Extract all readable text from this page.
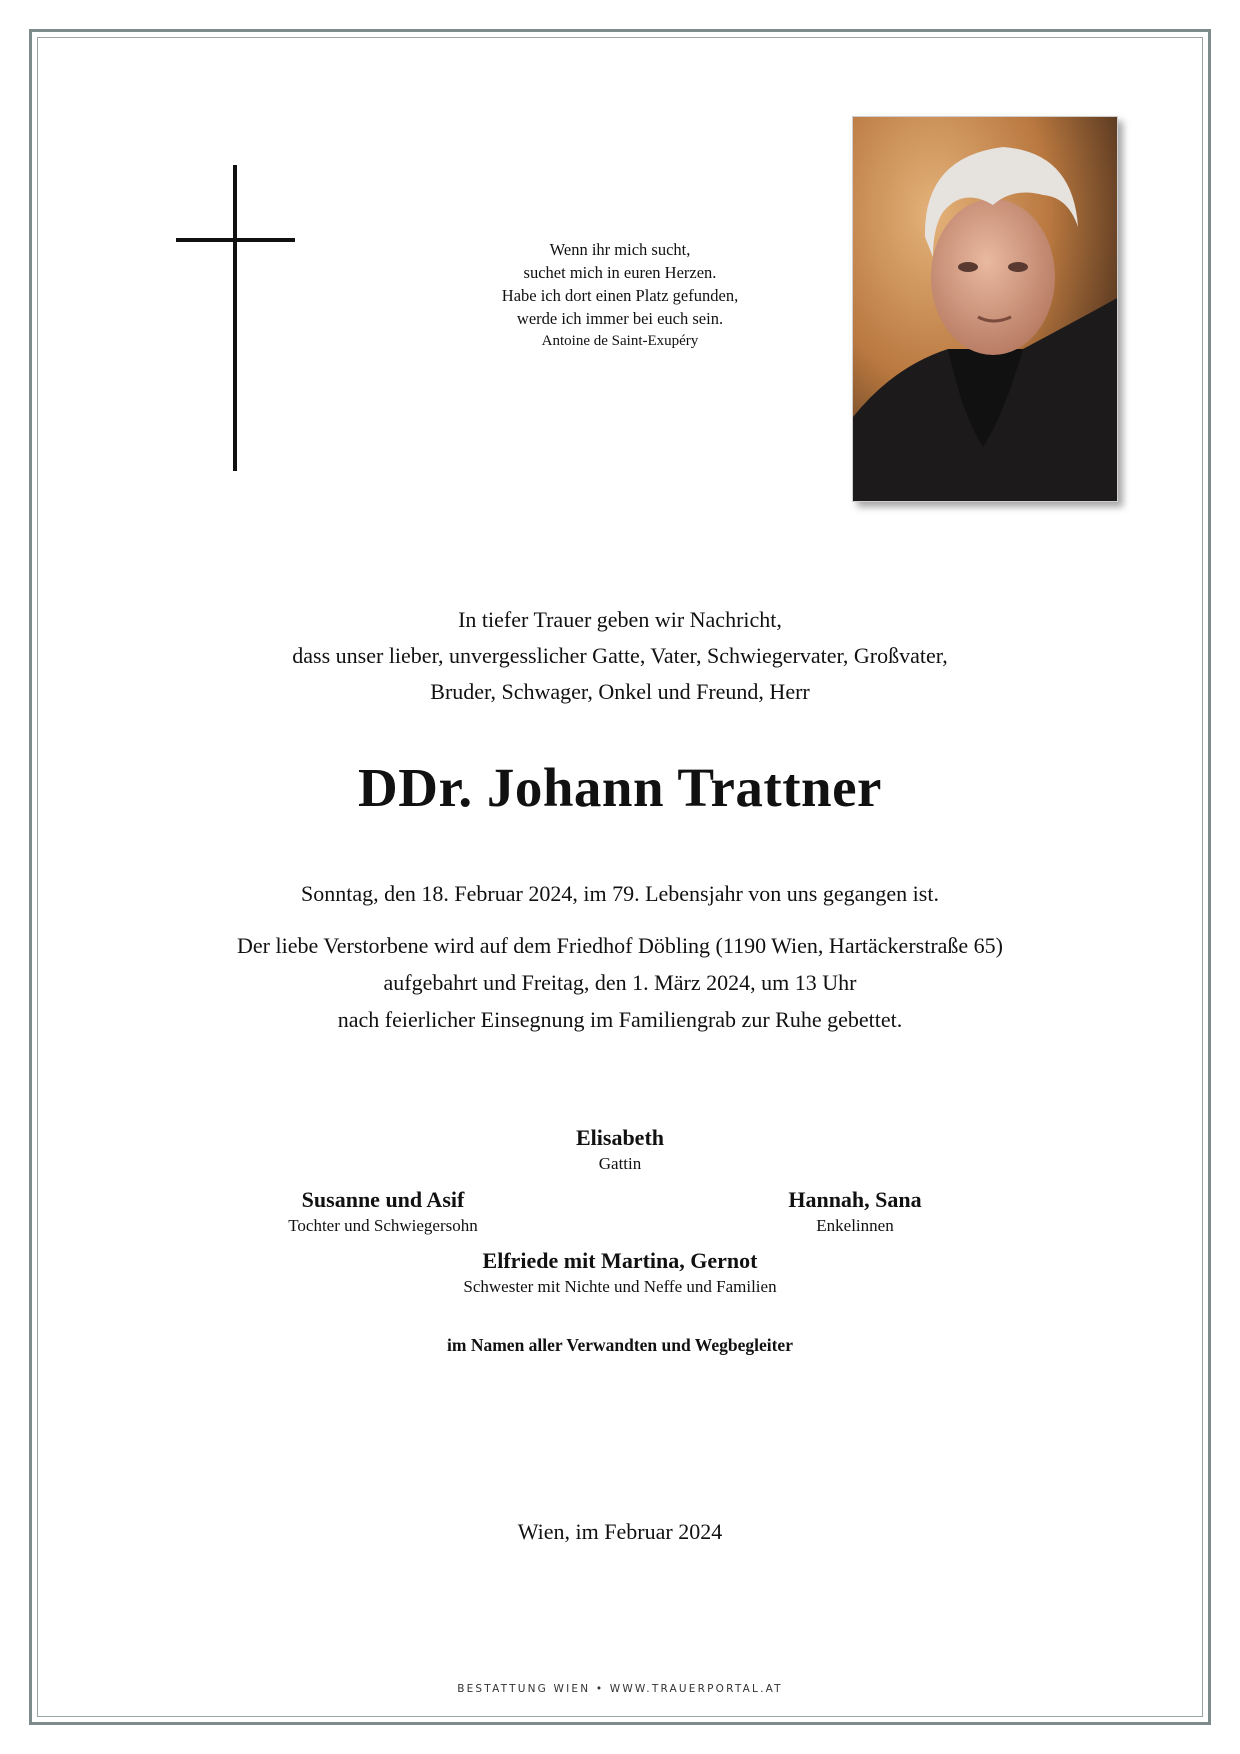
Wenn ihr mich sucht,
suchet mich in euren Herzen.
Habe ich dort einen Platz gefunden,
werde ich immer bei euch sein.
Antoine de Saint-Exupéry
In tiefer Trauer geben wir Nachricht,
dass unser lieber, unvergesslicher Gatte, Vater, Schwiegervater, Großvater,
Bruder, Schwager, Onkel und Freund, Herr
DDr. Johann Trattner
Sonntag, den 18. Februar 2024, im 79. Lebensjahr von uns gegangen ist.
Der liebe Verstorbene wird auf dem Friedhof Döbling (1190 Wien, Hartäckerstraße 65)
aufgebahrt und Freitag, den 1. März 2024, um 13 Uhr
nach feierlicher Einsegnung im Familiengrab zur Ruhe gebettet.
Elisabeth
Gattin
Susanne und Asif
Tochter und Schwiegersohn
Hannah, Sana
Enkelinnen
Elfriede mit Martina, Gernot
Schwester mit Nichte und Neffe und Familien
im Namen aller Verwandten und Wegbegleiter
Wien, im Februar 2024
BESTATTUNG WIEN • WWW.TRAUERPORTAL.AT
